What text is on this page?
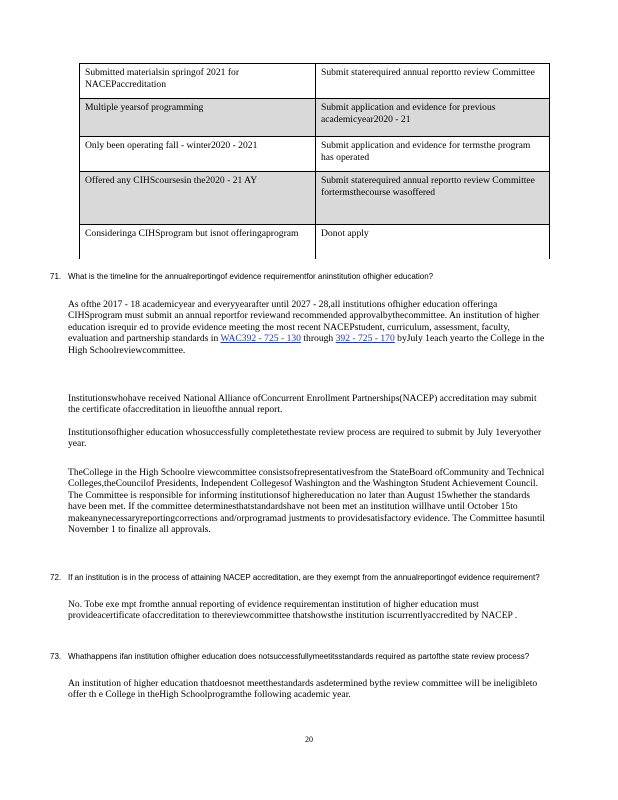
Submitted materialsin springof 2021 for NACEPaccreditation	Submit staterequired annual reportto review Committee
Multiple yearsof programming	Submit application and evidence for previous academicyear2020 - 21
Only been operating fall - winter2020 - 2021	Submit application and evidence for termsthe program has operated
Offered any CIHScoursesin the2020 - 21 AY	Submit staterequired annual reportto review Committee fortermsthecourse wasoffered
Consideringa CIHSprogram but isnot offeringaprogram	Donot apply
71. What is the timeline for the annualreportingof evidence requirementfor aninstitution ofhigher education?
As ofthe 2017 - 18 academicyear and everyyearafter until 2027 - 28,all institutions ofhigher education offeringa CIHSprogram must submit an annual reportfor reviewand recommended approvalbythecommittee. An institution of higher education isrequir ed to provide evidence meeting the most recent NACEPstudent, curriculum, assessment, faculty, evaluation and partnership standards in WAC392 - 725 - 130 through 392 - 725 - 170 byJuly 1each yearto the College in the High Schoolreviewcommittee.
Institutionswhohave received National Alliance ofConcurrent Enrollment Partnerships(NACEP) accreditation may submit the certificate ofaccreditation in lieuofthe annual report.
Institutionsofhigher education whosuccessfully completethestate review process are required to submit by July 1everyother year.
TheCollege in the High Schoolre viewcommittee consistsofrepresentativesfrom the StateBoard ofCommunity and Technical Colleges,theCouncilof Presidents, Independent Collegesof Washington and the Washington Student Achievement Council. The Committee is responsible for informing institutionsof highereducation no later than August 15whether the standards have been met. If the committee determinesthatstandardshave not been met an institution willhave until October 15to makeanynecessaryreportingcorrections and/orprogramad justments to providesatisfactory evidence. The Committee hasuntil November 1 to finalize all approvals.
72. If an institution is in the process of attaining NACEP accreditation, are they exempt from the annualreportingof evidence requirement?
No. Tobe exe mpt fromthe annual reporting of evidence requirementan institution of higher education must provideacertificate ofaccreditation to thereviewcommittee thatshowsthe institution iscurrentlyaccredited by NACEP .
73. Whathappens ifan institution ofhigher education does notsuccessfullymeetitsstandards required as partofthe state review process?
An institution of higher education thatdoesnot meetthestandards asdetermined bythe review committee will be ineligibleto offer th e College in theHigh Schoolprogramthe following academic year.
20
